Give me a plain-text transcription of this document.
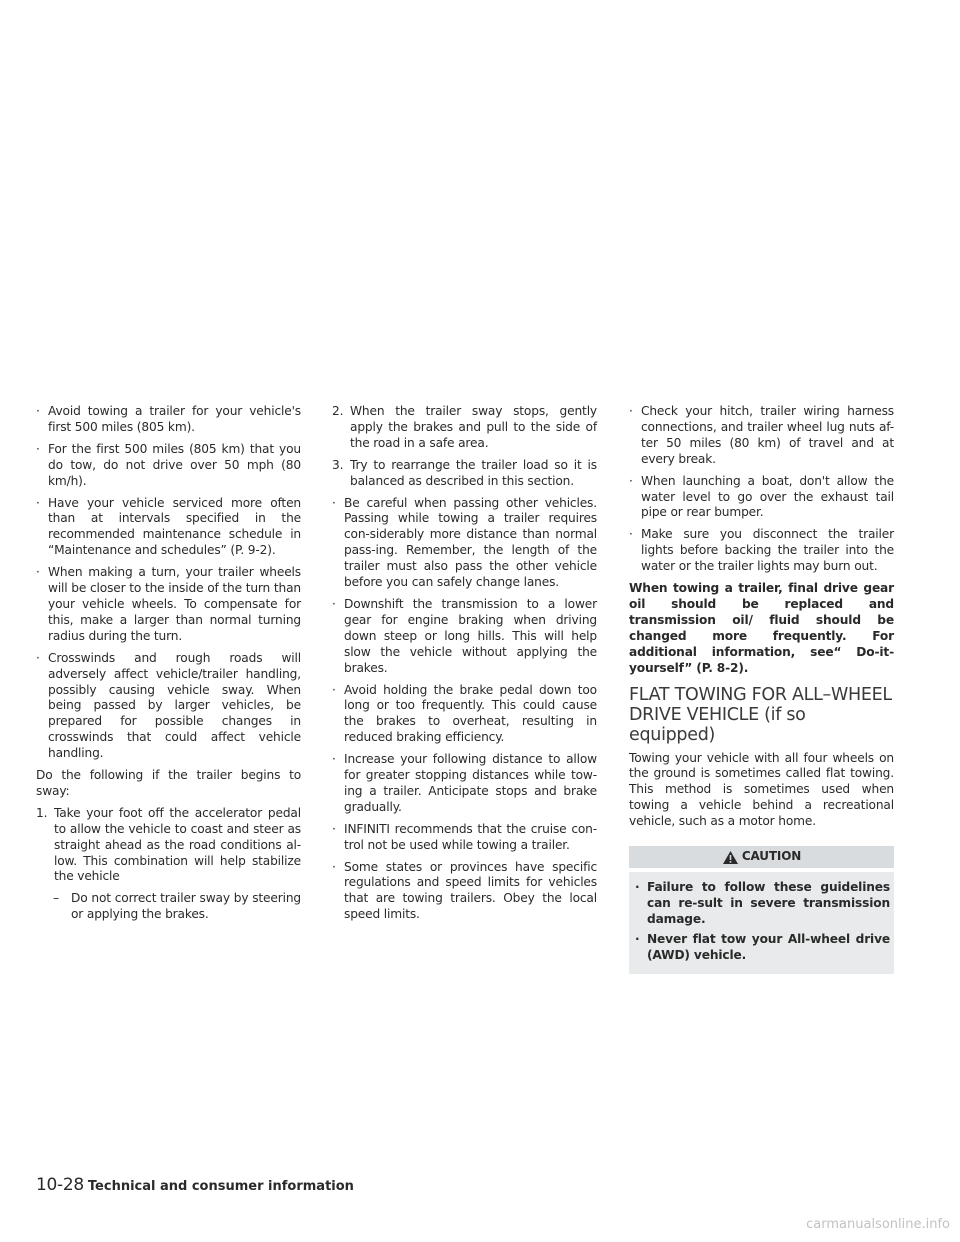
· Avoid towing a trailer for your vehicle's first 500 miles (805 km).
· For the first 500 miles (805 km) that you do tow, do not drive over 50 mph (80 km/h).
· Have your vehicle serviced more often than at intervals specified in the recommended maintenance schedule in “Maintenance and schedules” (P. 9-2).
· When making a turn, your trailer wheels will be closer to the inside of the turn than your vehicle wheels. To compensate for this, make a larger than normal turning radius during the turn.
· Crosswinds and rough roads will adversely affect vehicle/trailer handling, possibly causing vehicle sway. When being passed by larger vehicles, be prepared for possible changes in crosswinds that could affect vehicle handling.

Do the following if the trailer begins to sway:

1. Take your foot off the accelerator pedal to allow the vehicle to coast and steer as straight ahead as the road conditions al-low. This combination will help stabilize the vehicle
– Do not correct trailer sway by steering or applying the brakes.
2. When the trailer sway stops, gently apply the brakes and pull to the side of the road in a safe area.
3. Try to rearrange the trailer load so it is balanced as described in this section.
· Be careful when passing other vehicles. Passing while towing a trailer requires con-siderably more distance than normal pass-ing. Remember, the length of the trailer must also pass the other vehicle before you can safely change lanes.
· Downshift the transmission to a lower gear for engine braking when driving down steep or long hills. This will help slow the vehicle without applying the brakes.
· Avoid holding the brake pedal down too long or too frequently. This could cause the brakes to overheat, resulting in reduced braking efficiency.
· Increase your following distance to allow for greater stopping distances while tow-ing a trailer. Anticipate stops and brake gradually.
· INFINITI recommends that the cruise con-trol not be used while towing a trailer.
· Some states or provinces have specific regulations and speed limits for vehicles that are towing trailers. Obey the local speed limits.
· Check your hitch, trailer wiring harness connections, and trailer wheel lug nuts af-ter 50 miles (80 km) of travel and at every break.
· When launching a boat, don't allow the water level to go over the exhaust tail pipe or rear bumper.
· Make sure you disconnect the trailer lights before backing the trailer into the water or the trailer lights may burn out.

When towing a trailer, final drive gear oil should be replaced and transmission oil/ fluid should be changed more frequently. For additional information, see“ Do-it-yourself” (P. 8-2).

FLAT TOWING FOR ALL–WHEEL
DRIVE VEHICLE (if so equipped)

Towing your vehicle with all four wheels on the ground is sometimes called flat towing. This method is sometimes used when towing a vehicle behind a recreational vehicle, such as a motor home.

CAUTION
· Failure to follow these guidelines can re-sult in severe transmission damage.
· Never flat tow your All-wheel drive (AWD) vehicle.
10-28 Technical and consumer information
carmanualsonline.info
